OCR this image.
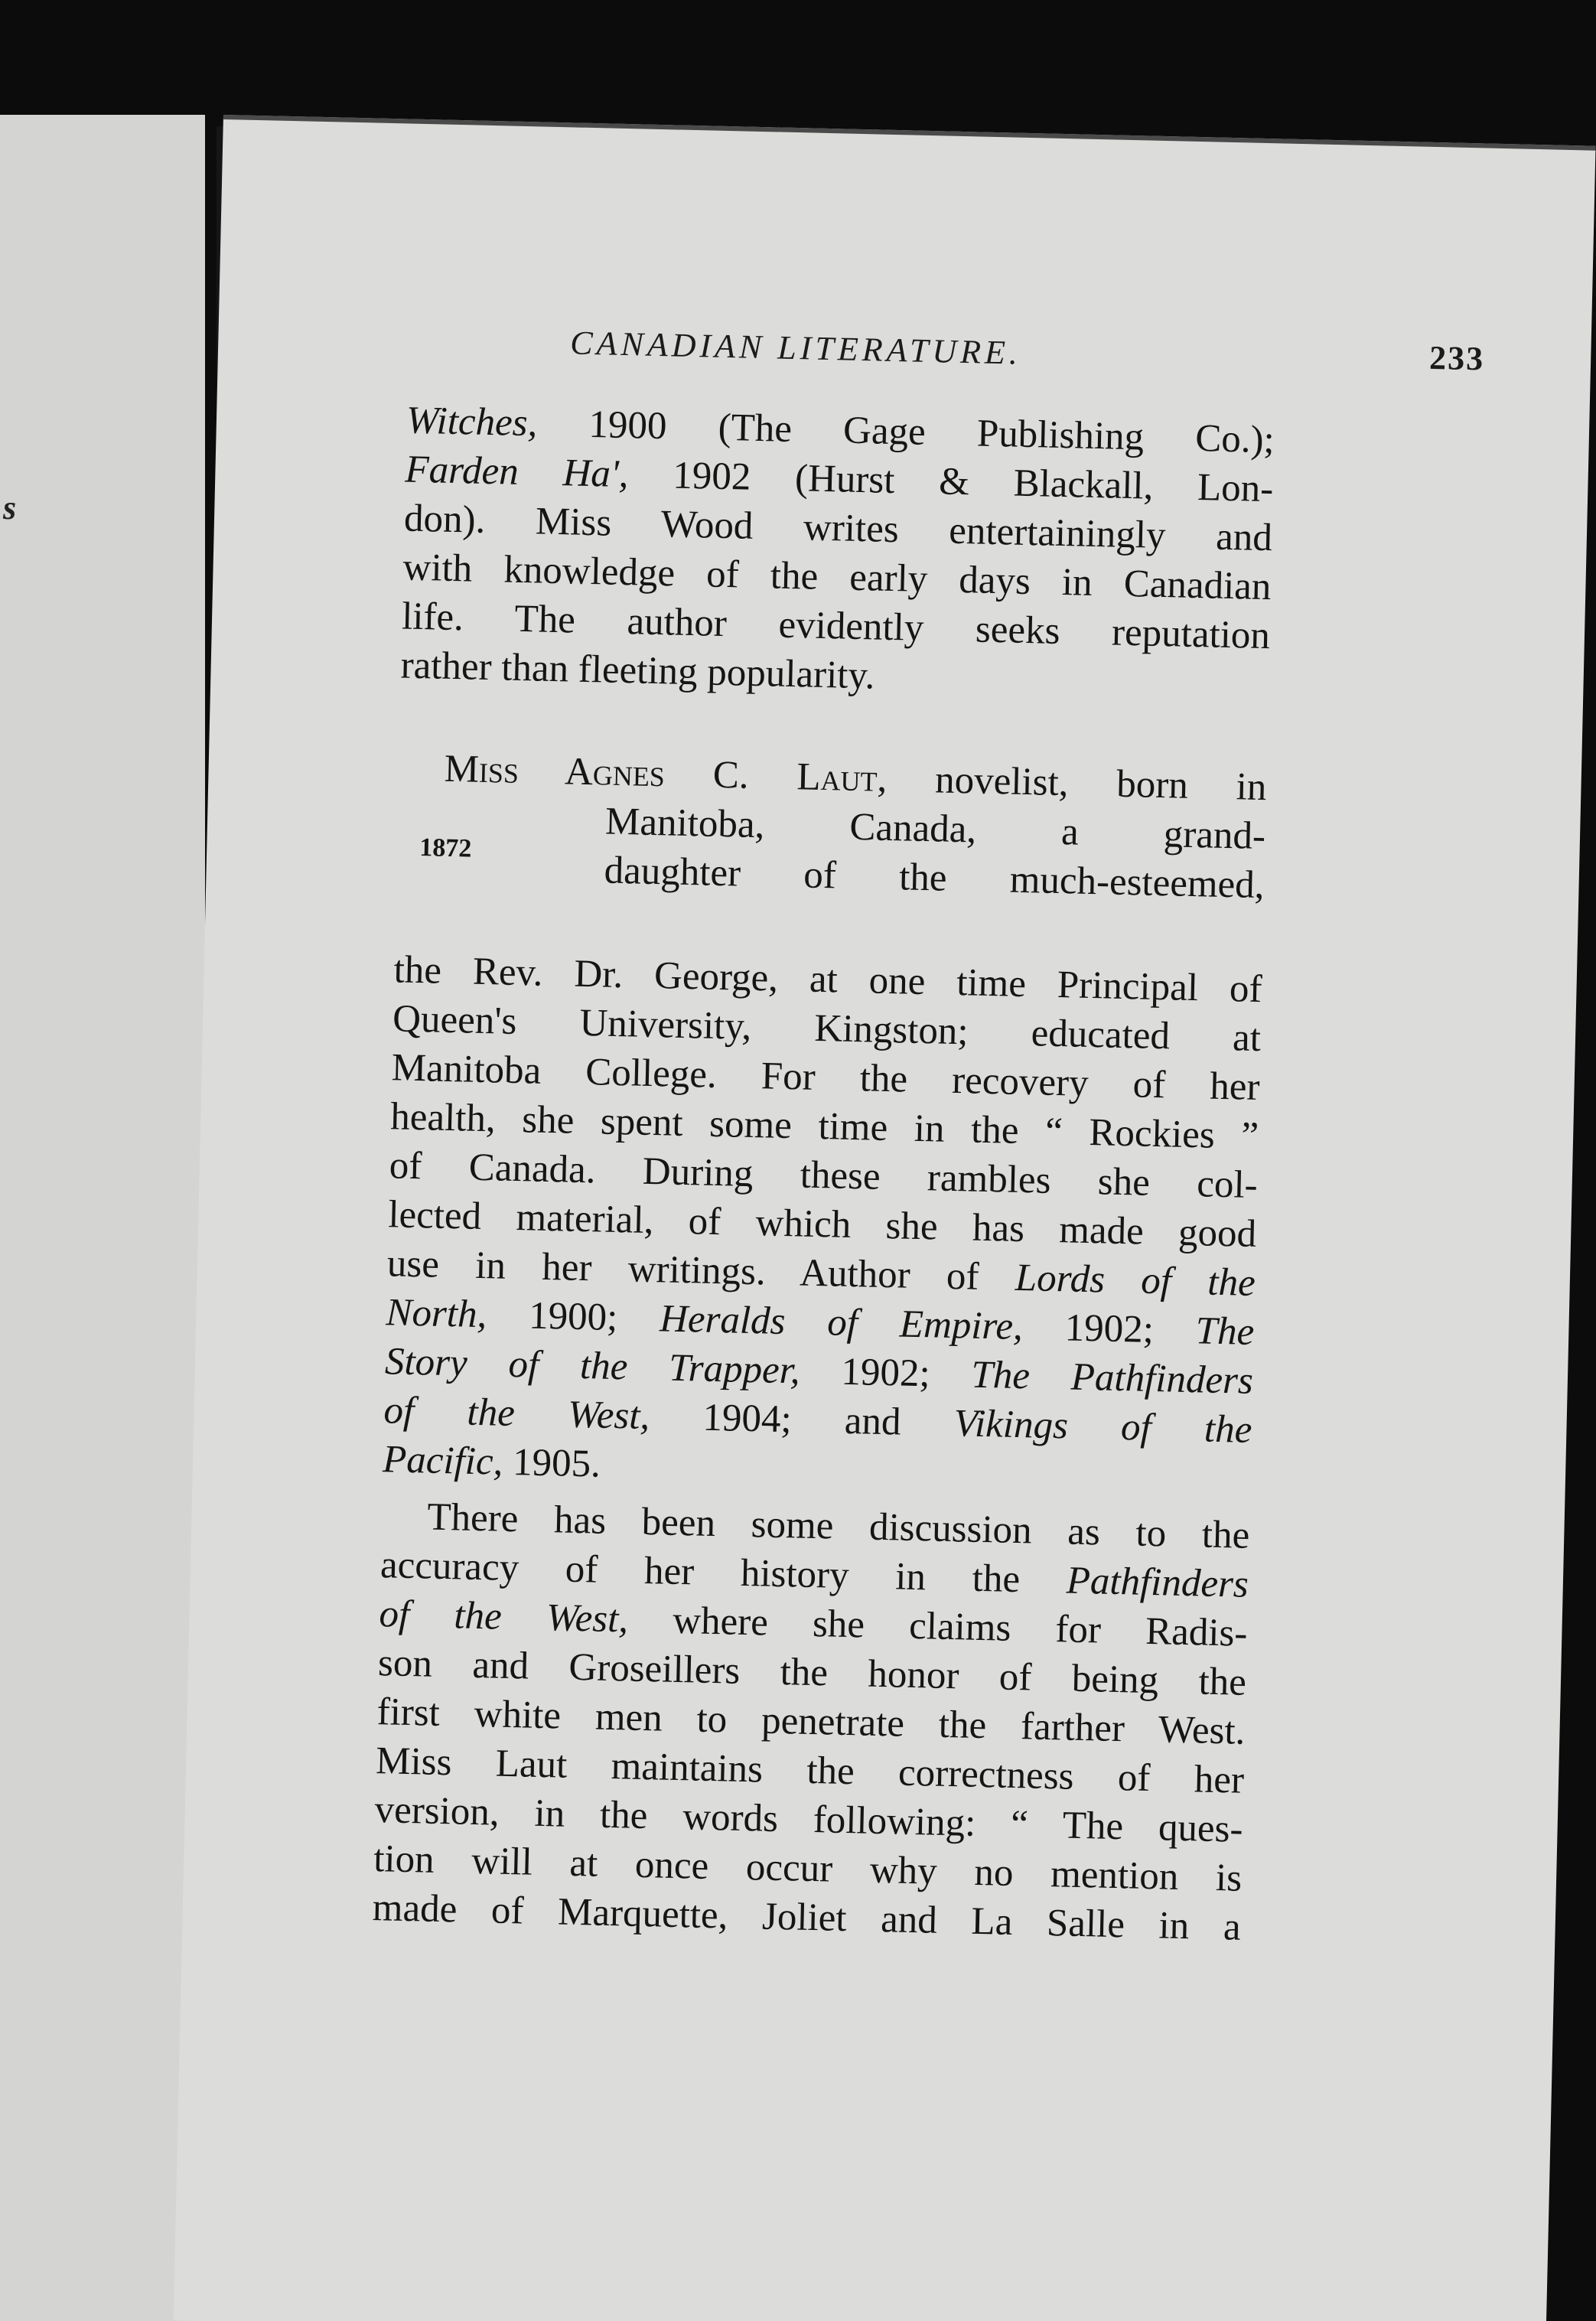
s
CANADIAN LITERATURE.	233

Witches, 1900 (The Gage Publishing Co.);

Farden Ha', 1902 (Hurst & Blackall, Lon-

don). Miss Wood writes entertainingly and

with knowledge of the early days in Canadian

life. The author evidently seeks reputation

rather than fleeting popularity.

Miss Agnes C. Laut, novelist, born in

1872	Manitoba, Canada, a grand-

daughter of the much-esteemed,

the Rev. Dr. George, at one time Principal of

Queen's University, Kingston; educated at

Manitoba College. For the recovery of her

health, she spent some time in the “ Rockies ”

of Canada. During these rambles she col-

lected material, of which she has made good

use in her writings. Author of Lords of the

North, 1900; Heralds of Empire, 1902; The

Story of the Trapper, 1902; The Pathfinders

of the West, 1904; and Vikings of the

Pacific, 1905.

There has been some discussion as to the

accuracy of her history in the Pathfinders

of the West, where she claims for Radis-

son and Groseillers the honor of being the

first white men to penetrate the farther West.

Miss Laut maintains the correctness of her

version, in the words following: “ The ques-

tion will at once occur why no mention is

made of Marquette, Joliet and La Salle in a
